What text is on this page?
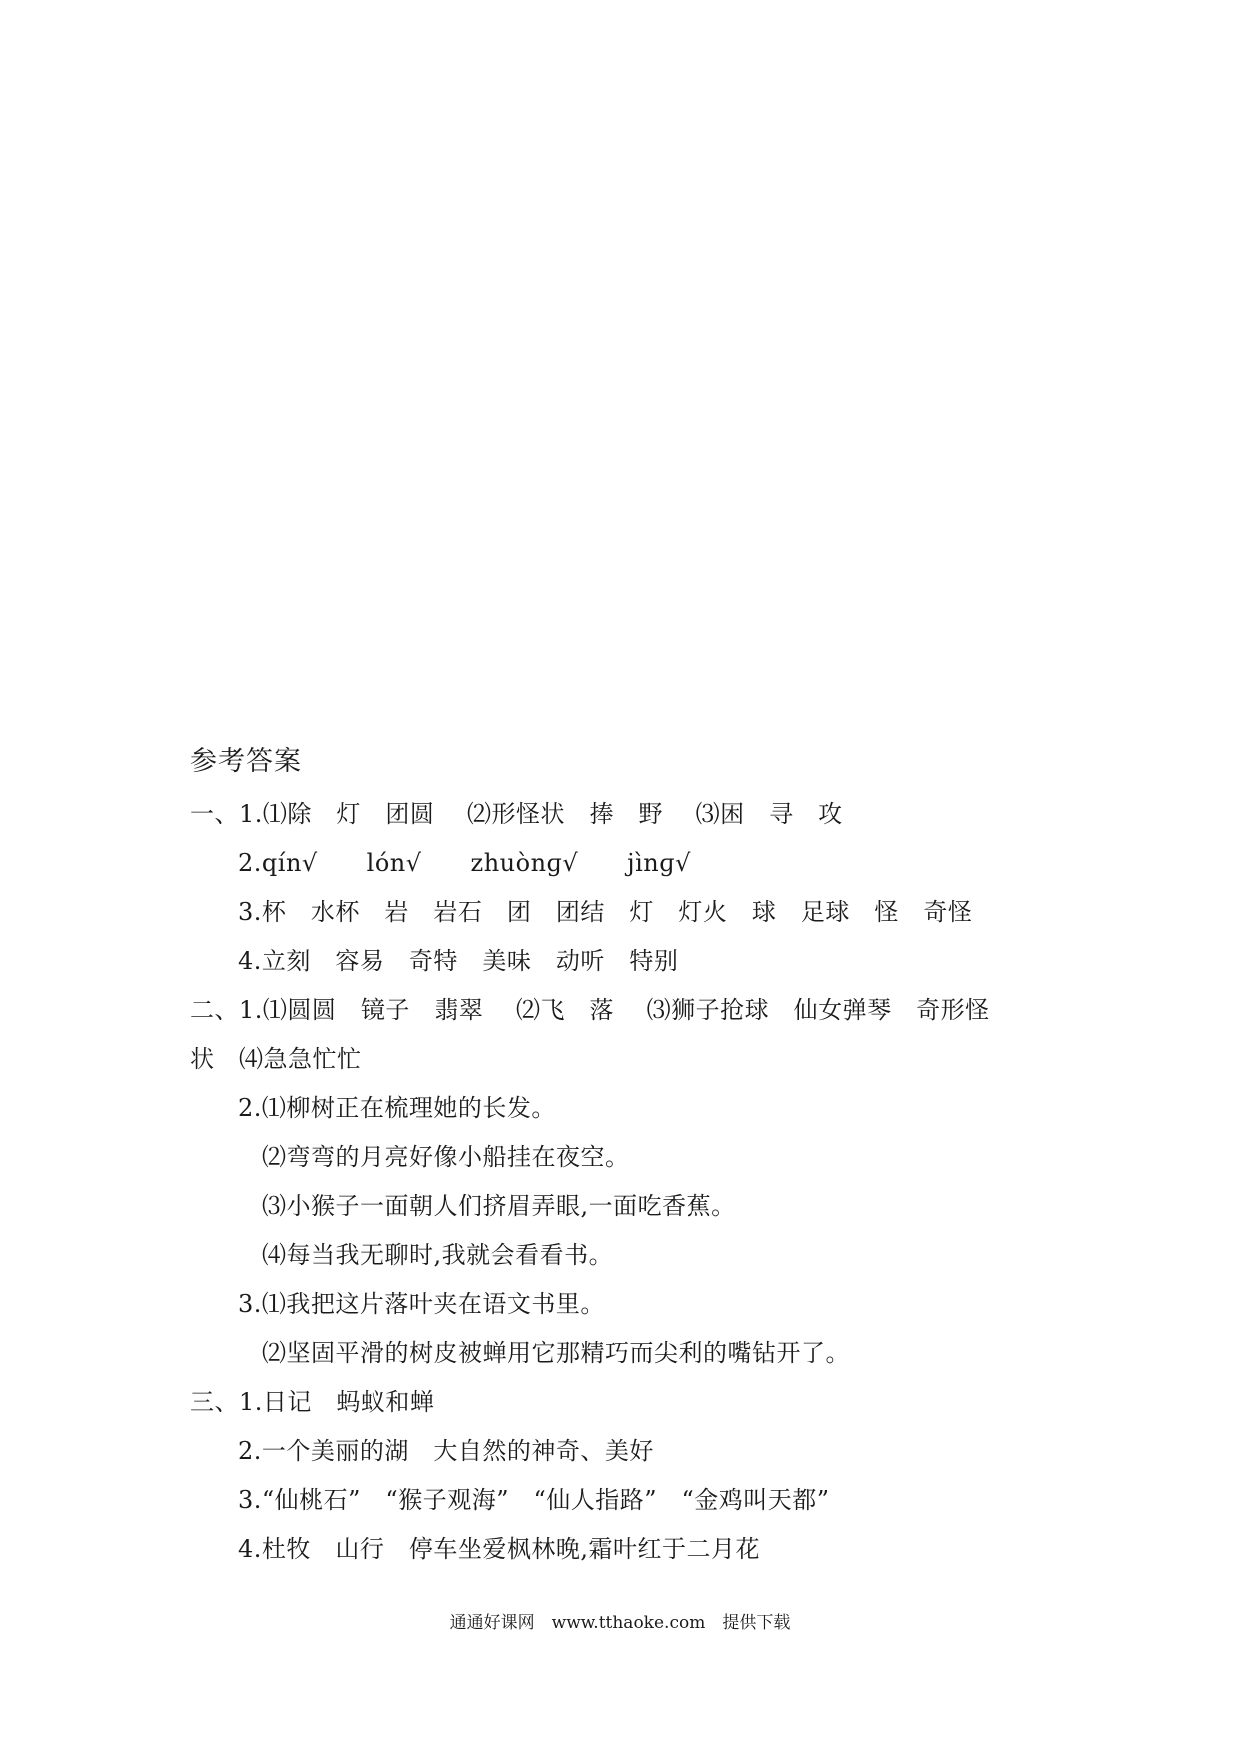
参考答案
一、1.⑴除　灯　团圆　 ⑵形怪状　捧　野　 ⑶困　寻　攻
2.qín√　　lón√　　zhuònɡ√　　jìnɡ√
3.杯　水杯　岩　岩石　团　团结　灯　灯火　球　足球　怪　奇怪
4.立刻　容易　奇特　美味　动听　特别
二、1.⑴圆圆　镜子　翡翠　 ⑵飞　落　 ⑶狮子抢球　仙女弹琴　奇形怪
状　⑷急急忙忙
2.⑴柳树正在梳理她的长发。
⑵弯弯的月亮好像小船挂在夜空。
⑶小猴子一面朝人们挤眉弄眼,一面吃香蕉。
⑷每当我无聊时,我就会看看书。
3.⑴我把这片落叶夹在语文书里。
⑵坚固平滑的树皮被蝉用它那精巧而尖利的嘴钻开了。
三、1.日记　蚂蚁和蝉
2.一个美丽的湖　大自然的神奇、美好
3.“仙桃石”　“猴子观海”　“仙人指路”　“金鸡叫天都”
4.杜牧　山行　停车坐爱枫林晚,霜叶红于二月花
通通好课网　www.tthaoke.com　提供下载
